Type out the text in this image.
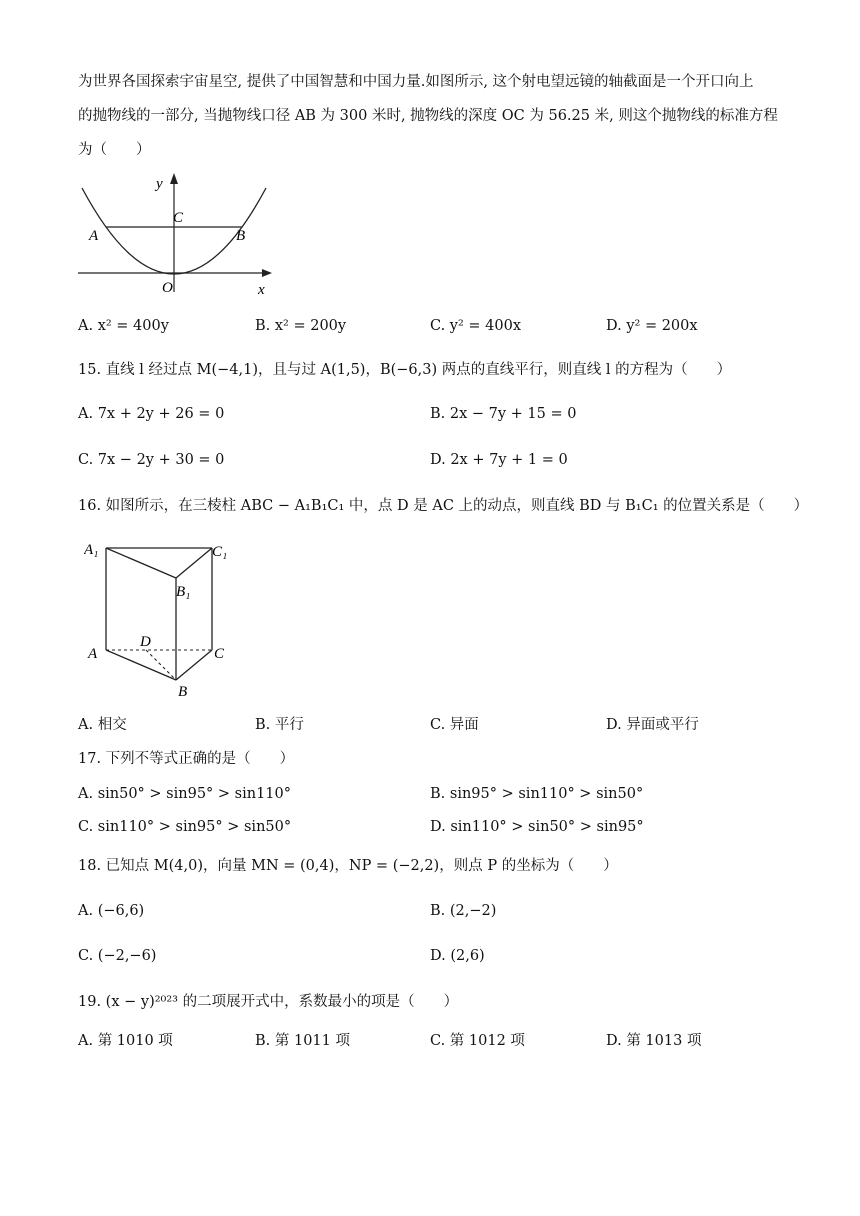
为世界各国探索宇宙星空, 提供了中国智慧和中国力量.如图所示, 这个射电望远镜的轴截面是一个开口向上
的抛物线的一部分, 当抛物线口径 AB 为 300 米时, 抛物线的深度 OC 为 56.25 米, 则这个抛物线的标准方程
为（　　）
y
x
O
A	B
C
A. x² = 400y	B. x² = 200y	C. y² = 400x	D. y² = 200x
15. 直线 l 经过点 M(−4,1)，且与过 A(1,5)，B(−6,3) 两点的直线平行，则直线 l 的方程为（　　）
A. 7x + 2y + 26 = 0	B. 2x − 7y + 15 = 0
C. 7x − 2y + 30 = 0	D. 2x + 7y + 1 = 0
16. 如图所示，在三棱柱 ABC − A₁B₁C₁ 中，点 D 是 AC 上的动点，则直线 BD 与 B₁C₁ 的位置关系是（　　）
A₁	C₁
B₁
A	C
B
D
A. 相交	B. 平行	C. 异面	D. 异面或平行
17. 下列不等式正确的是（　　）
A. sin50° > sin95° > sin110°	B. sin95° > sin110° > sin50°
C. sin110° > sin95° > sin50°	D. sin110° > sin50° > sin95°
18. 已知点 M(4,0)，向量 MN = (0,4)，NP = (−2,2)，则点 P 的坐标为（　　）
A. (−6,6)	B. (2,−2)
C. (−2,−6)	D. (2,6)
19. (x − y)²⁰²³ 的二项展开式中，系数最小的项是（　　）
A. 第 1010 项	B. 第 1011 项	C. 第 1012 项	D. 第 1013 项
